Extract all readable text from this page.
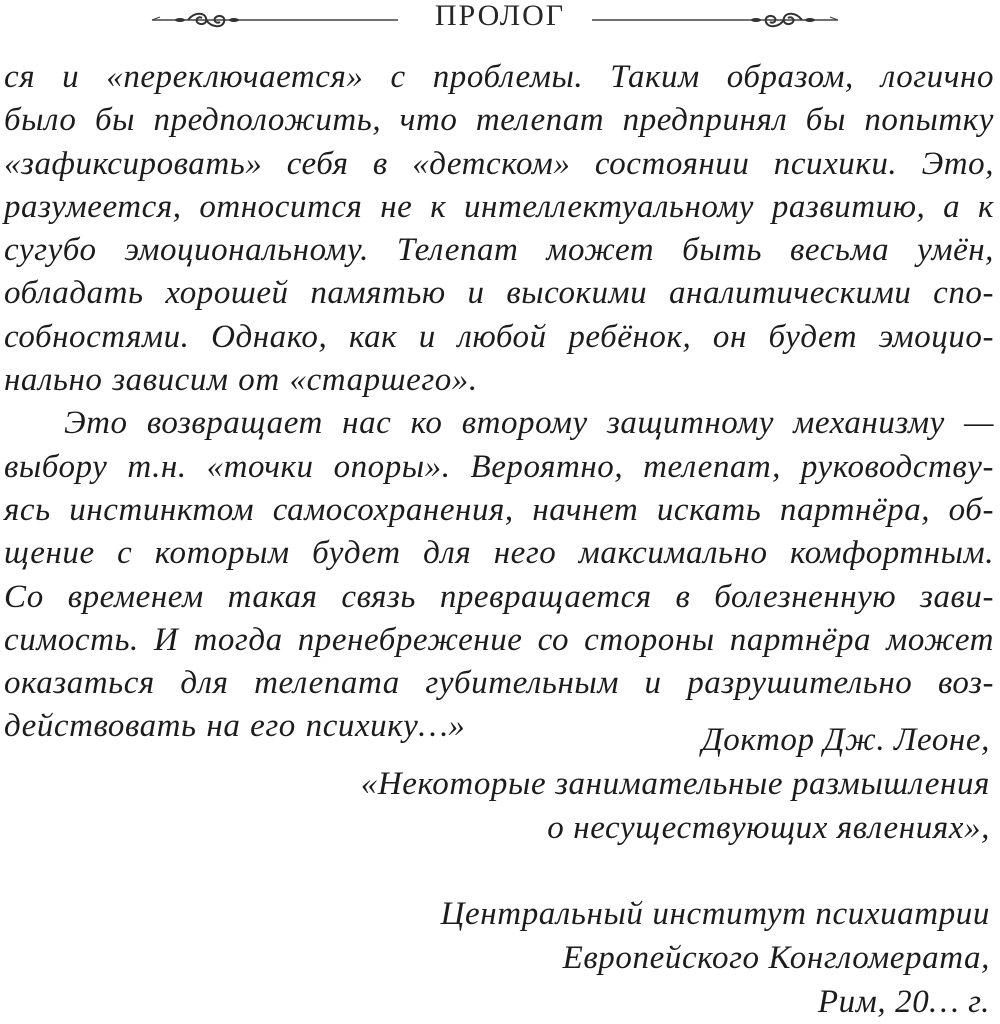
ПРОЛОГ
ся и «переключается» с проблемы. Таким образом, логично
было бы предположить, что телепат предпринял бы попытку
«зафиксировать» себя в «детском» состоянии психики. Это,
разумеется, относится не к интеллектуальному развитию, а к
сугубо эмоциональному. Телепат может быть весьма умён,
обладать хорошей памятью и высокими аналитическими спо-
собностями. Однако, как и любой ребёнок, он будет эмоцио-
нально зависим от «старшего».
Это возвращает нас ко второму защитному механизму —
выбору т.н. «точки опоры». Вероятно, телепат, руководству-
ясь инстинктом самосохранения, начнет искать партнёра, об-
щение с которым будет для него максимально комфортным.
Со временем такая связь превращается в болезненную зави-
симость. И тогда пренебрежение со стороны партнёра может
оказаться для телепата губительным и разрушительно воз-
действовать на его психику…»	Доктор Дж. Леоне,
«Некоторые занимательные размышления
о несуществующих явлениях»,
Центральный институт психиатрии
Европейского Конгломерата,
Рим, 20… г.
